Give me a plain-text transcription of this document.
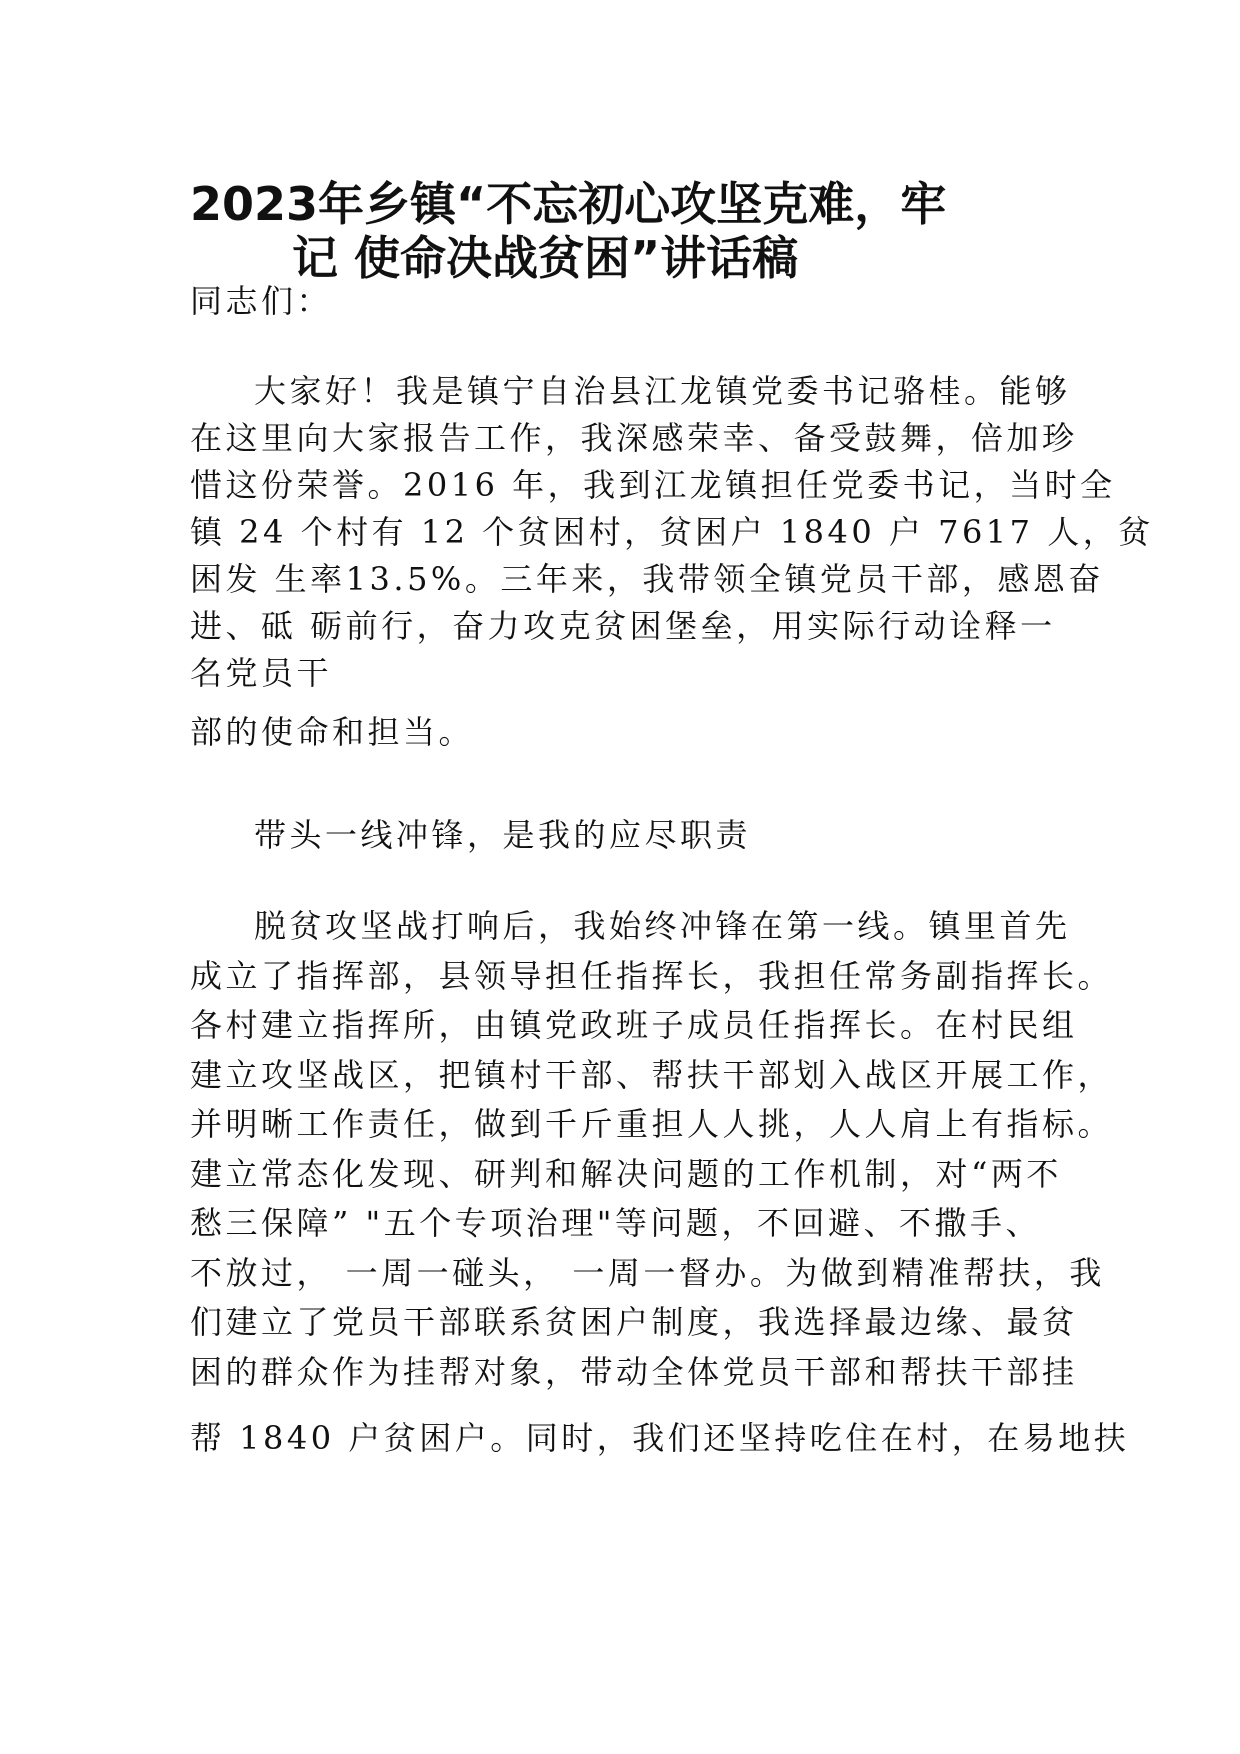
2023年乡镇“不忘初心攻坚克难，牢
记 使命决战贫困”讲话稿
同志们：
大家好！我是镇宁自治县江龙镇党委书记骆桂。能够
在这里向大家报告工作，我深感荣幸、备受鼓舞，倍加珍
惜这份荣誉。2016 年，我到江龙镇担任党委书记，当时全
镇 24 个村有 12 个贫困村，贫困户 1840 户 7617 人，贫
困发 生率13.5%。三年来，我带领全镇党员干部，感恩奋
进、砥 砺前行，奋力攻克贫困堡垒，用实际行动诠释一
名党员干
部的使命和担当。
带头一线冲锋，是我的应尽职责
脱贫攻坚战打响后，我始终冲锋在第一线。镇里首先
成立了指挥部，县领导担任指挥长，我担任常务副指挥长。
各村建立指挥所，由镇党政班子成员任指挥长。在村民组
建立攻坚战区，把镇村干部、帮扶干部划入战区开展工作，
并明晰工作责任，做到千斤重担人人挑，人人肩上有指标。
建立常态化发现、研判和解决问题的工作机制，对“两不
愁三保障” "五个专项治理"等问题，不回避、不撒手、
不放过， 一周一碰头， 一周一督办。为做到精准帮扶，我
们建立了党员干部联系贫困户制度，我选择最边缘、最贫
困的群众作为挂帮对象，带动全体党员干部和帮扶干部挂
帮 1840 户贫困户。同时，我们还坚持吃住在村，在易地扶
